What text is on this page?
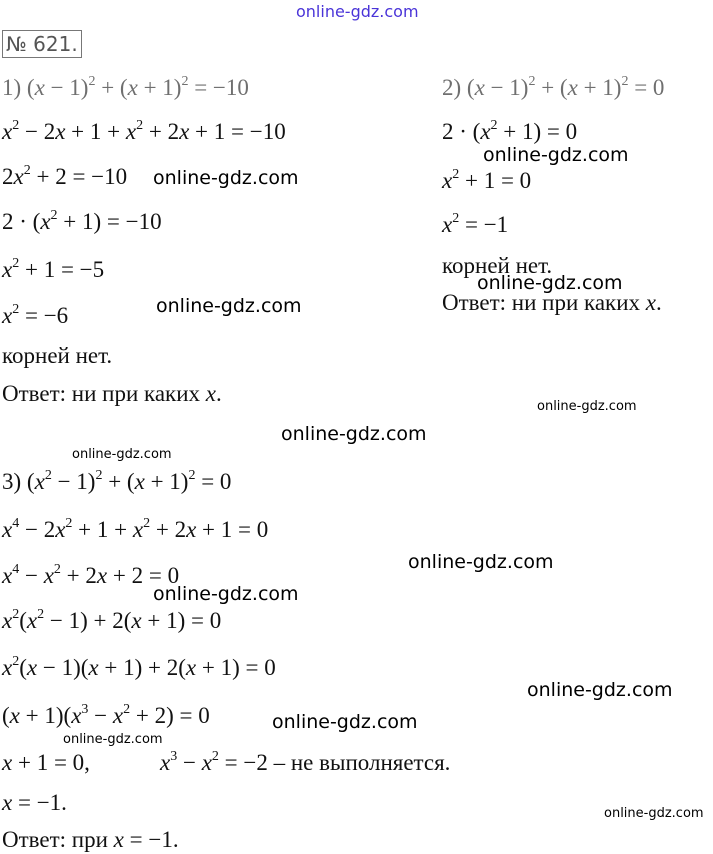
online-gdz.com
№ 621.
1) $(x - 1)^2 + (x + 1)^2 = -10$
$x^2 - 2x + 1 + x^2 + 2x + 1 = -10$
$2x^2 + 2 = -10$
$2 \cdot (x^2 + 1) = -10$
$x^2 + 1 = -5$
$x^2 = -6$
корней нет.
Ответ: ни при каких x.
2) $(x - 1)^2 + (x + 1)^2 = 0$
$2 \cdot (x^2 + 1) = 0$
$x^2 + 1 = 0$
$x^2 = -1$
корней нет.
Ответ: ни при каких x.
3) $(x^2 - 1)^2 + (x + 1)^2 = 0$
$x^4 - 2x^2 + 1 + x^2 + 2x + 1 = 0$
$x^4 - x^2 + 2x + 2 = 0$
$x^2(x^2 - 1) + 2(x + 1) = 0$
$x^2(x - 1)(x + 1) + 2(x + 1) = 0$
$(x + 1)(x^3 - x^2 + 2) = 0$
x + 1 = 0,	$x^3 - x^2 = -2$ – не выполняется.
x = −1.
Ответ: при x = −1.
online-gdz.com
online-gdz.com
online-gdz.com
online-gdz.com
online-gdz.com
online-gdz.com
online-gdz.com
online-gdz.com
online-gdz.com
online-gdz.com
online-gdz.com
online-gdz.com
online-gdz.com
